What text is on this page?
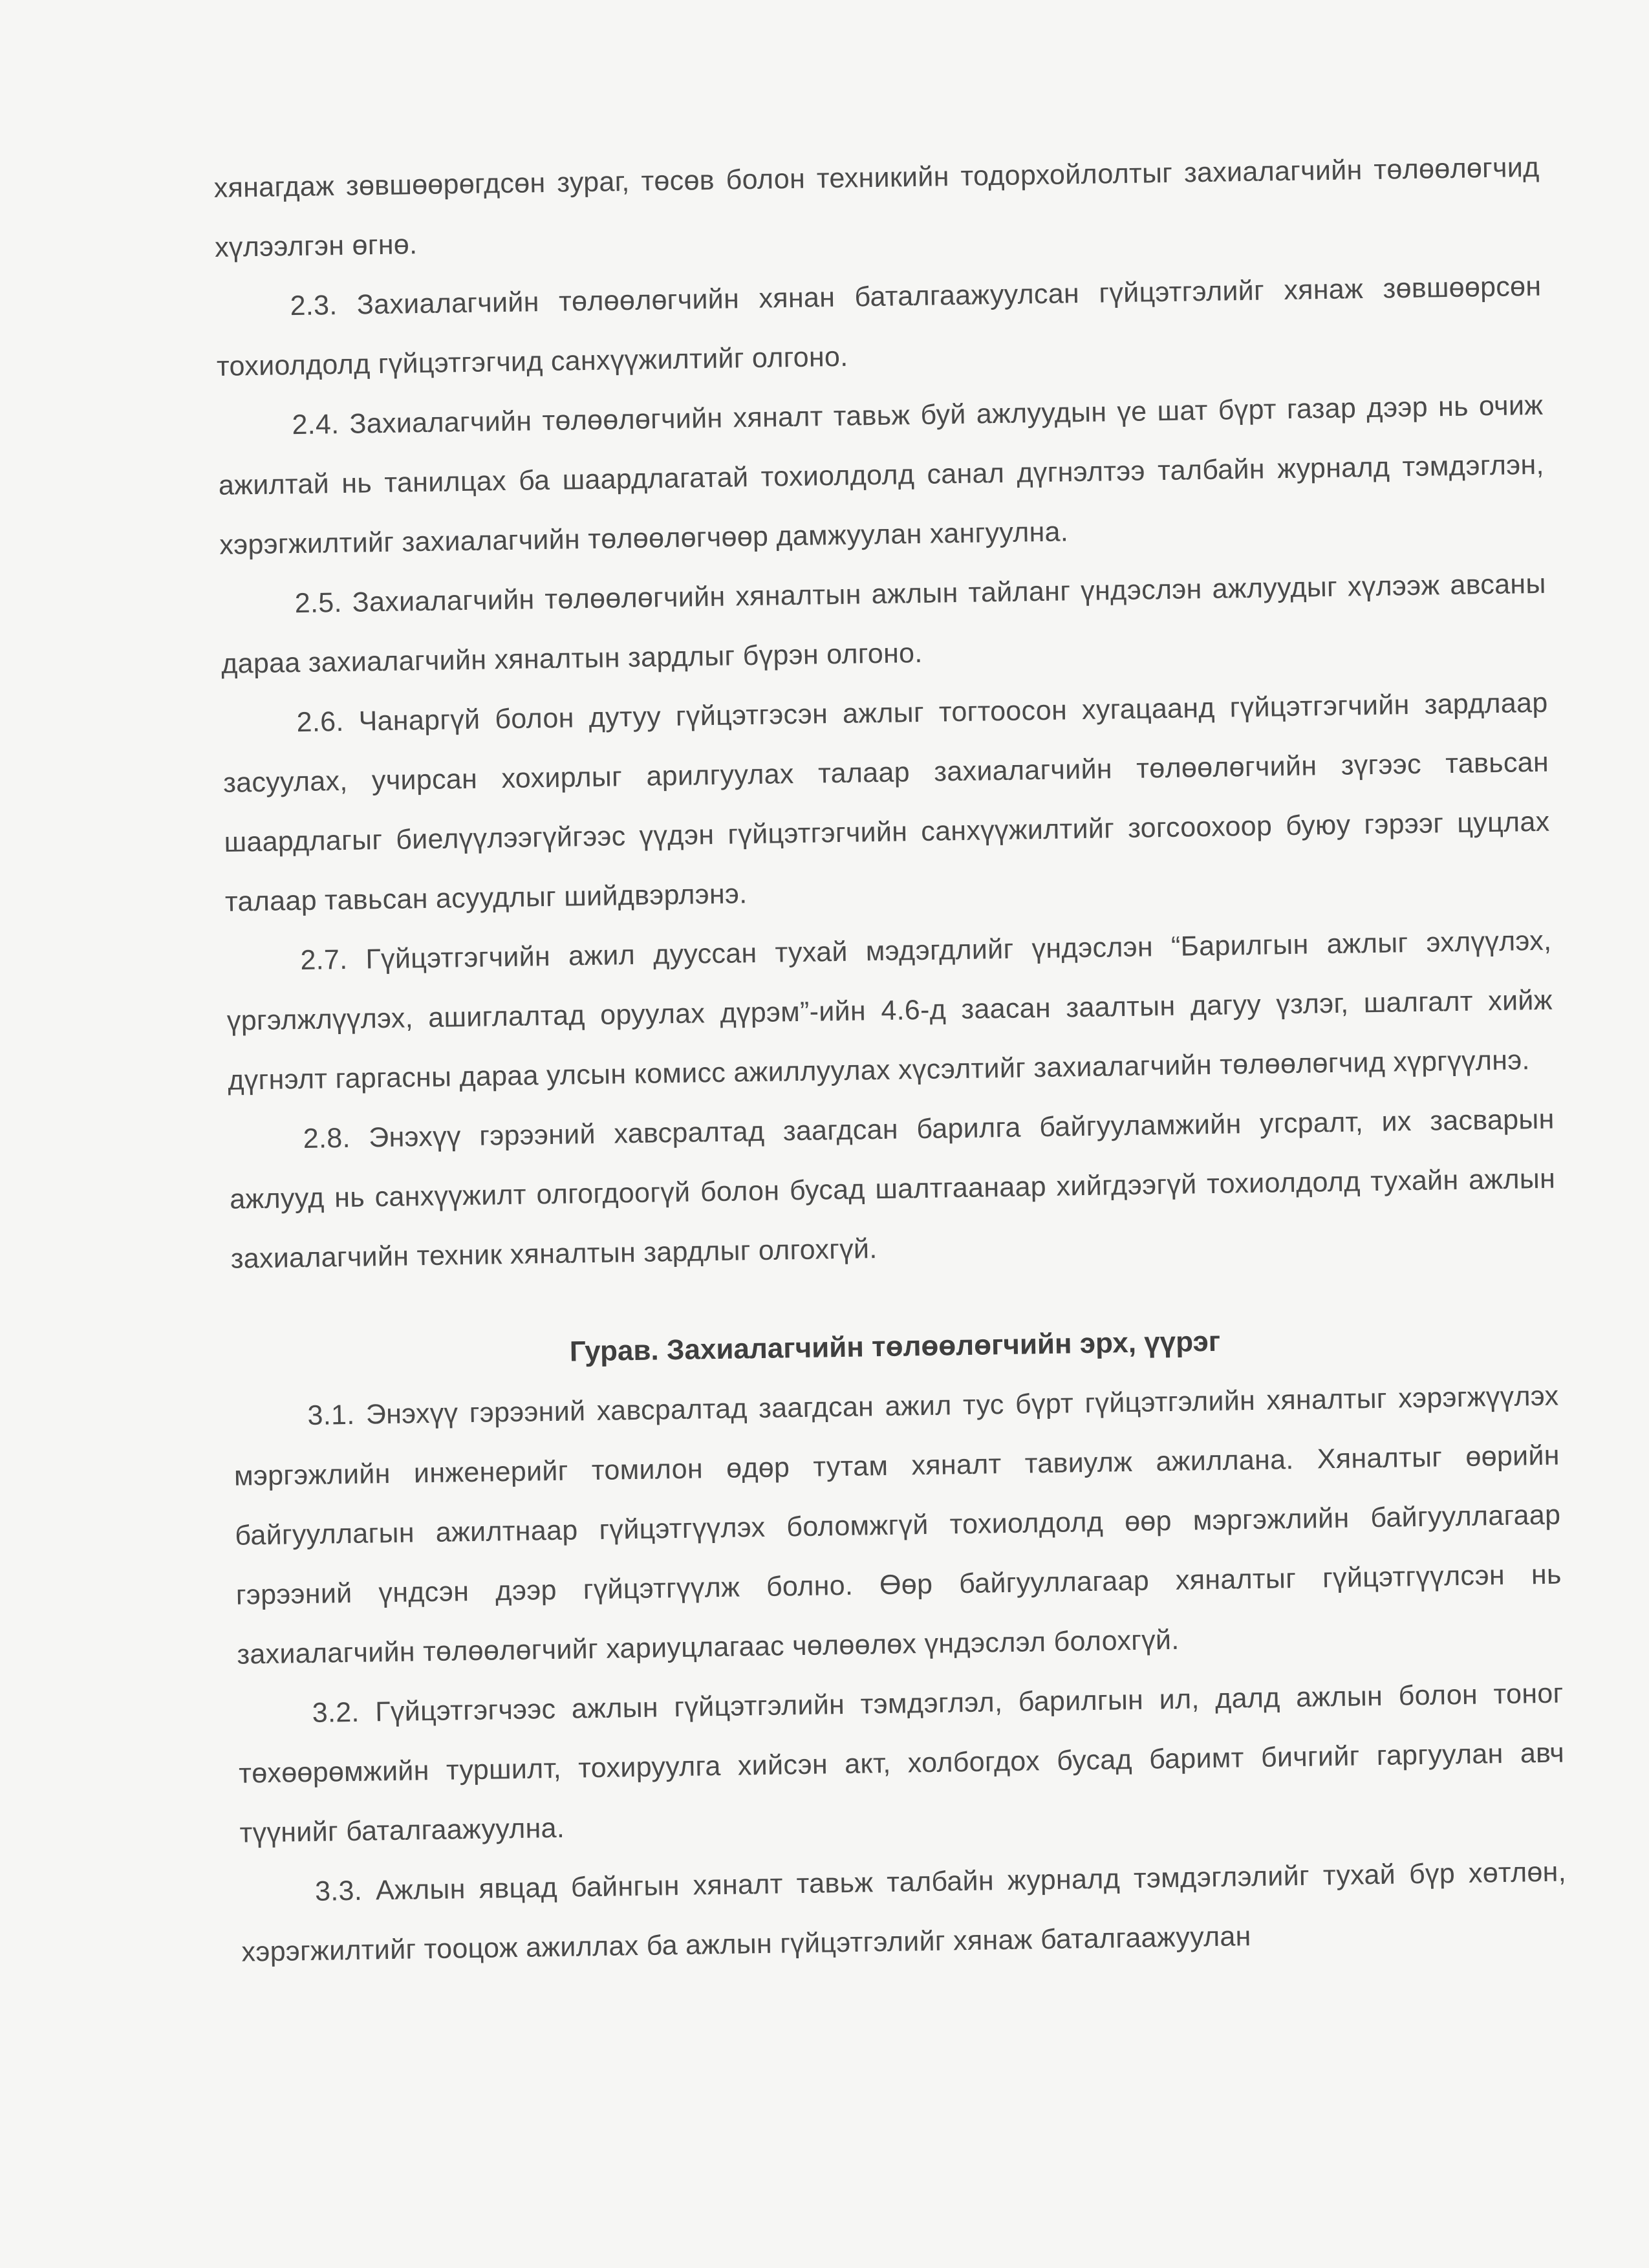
хянагдаж зөвшөөрөгдсөн зураг, төсөв болон техникийн тодорхойлолтыг захиалагчийн төлөөлөгчид хүлээлгэн өгнө.

2.3. Захиалагчийн төлөөлөгчийн хянан баталгаажуулсан гүйцэтгэлийг хянаж зөвшөөрсөн тохиолдолд гүйцэтгэгчид санхүүжилтийг олгоно.

2.4. Захиалагчийн төлөөлөгчийн хяналт тавьж буй ажлуудын үе шат бүрт газар дээр нь очиж ажилтай нь танилцах ба шаардлагатай тохиолдолд санал дүгнэлтээ талбайн журналд тэмдэглэн, хэрэгжилтийг захиалагчийн төлөөлөгчөөр дамжуулан хангуулна.

2.5. Захиалагчийн төлөөлөгчийн хяналтын ажлын тайланг үндэслэн ажлуудыг хүлээж авсаны дараа захиалагчийн хяналтын зардлыг бүрэн олгоно.

2.6. Чанаргүй болон дутуу гүйцэтгэсэн ажлыг тогтоосон хугацаанд гүйцэтгэгчийн зардлаар засуулах, учирсан хохирлыг арилгуулах талаар захиалагчийн төлөөлөгчийн зүгээс тавьсан шаардлагыг биелүүлээгүйгээс үүдэн гүйцэтгэгчийн санхүүжилтийг зогсоохоор буюу гэрээг цуцлах талаар тавьсан асуудлыг шийдвэрлэнэ.

2.7. Гүйцэтгэгчийн ажил дууссан тухай мэдэгдлийг үндэслэн “Барилгын ажлыг эхлүүлэх, үргэлжлүүлэх, ашиглалтад оруулах дүрэм”-ийн 4.6-д заасан заалтын дагуу үзлэг, шалгалт хийж дүгнэлт гаргасны дараа улсын комисс ажиллуулах хүсэлтийг захиалагчийн төлөөлөгчид хүргүүлнэ.

2.8. Энэхүү гэрээний хавсралтад заагдсан барилга байгууламжийн угсралт, их засварын ажлууд нь санхүүжилт олгогдоогүй болон бусад шалтгаанаар хийгдээгүй тохиолдолд тухайн ажлын захиалагчийн техник хяналтын зардлыг олгохгүй.

Гурав. Захиалагчийн төлөөлөгчийн эрх, үүрэг

3.1. Энэхүү гэрээний хавсралтад заагдсан ажил тус бүрт гүйцэтгэлийн хяналтыг хэрэгжүүлэх мэргэжлийн инженерийг томилон өдөр тутам хяналт тавиулж ажиллана. Хяналтыг өөрийн байгууллагын ажилтнаар гүйцэтгүүлэх боломжгүй тохиолдолд өөр мэргэжлийн байгууллагаар гэрээний үндсэн дээр гүйцэтгүүлж болно. Өөр байгууллагаар хяналтыг гүйцэтгүүлсэн нь захиалагчийн төлөөлөгчийг хариуцлагаас чөлөөлөх үндэслэл болохгүй.

3.2. Гүйцэтгэгчээс ажлын гүйцэтгэлийн тэмдэглэл, барилгын ил, далд ажлын болон тоног төхөөрөмжийн туршилт, тохируулга хийсэн акт, холбогдох бусад баримт бичгийг гаргуулан авч түүнийг баталгаажуулна.

3.3. Ажлын явцад байнгын хяналт тавьж талбайн журналд тэмдэглэлийг тухай бүр хөтлөн, хэрэгжилтийг тооцож ажиллах ба ажлын гүйцэтгэлийг хянаж баталгаажуулан
